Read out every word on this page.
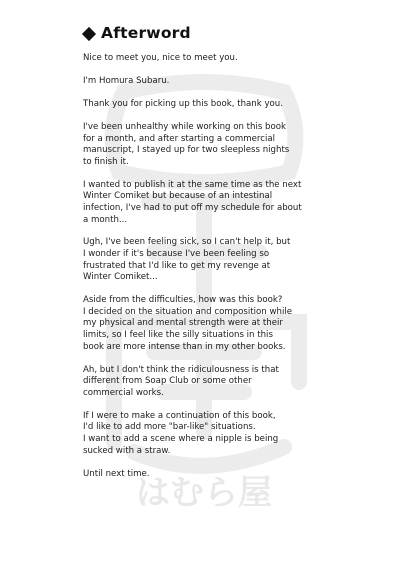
はむら屋
Afterword
Nice to meet you, nice to meet you.
I'm Homura Subaru.
Thank you for picking up this book, thank you.
I've been unhealthy while working on this book
for a month, and after starting a commercial
manuscript, I stayed up for two sleepless nights
to finish it.
I wanted to publish it at the same time as the next
Winter Comiket but because of an intestinal
infection, I've had to put off my schedule for about
a month...
Ugh, I've been feeling sick, so I can't help it, but
I wonder if it's because I've been feeling so
frustrated that I'd like to get my revenge at
Winter Comiket...
Aside from the difficulties, how was this book?
I decided on the situation and composition while
my physical and mental strength were at their
limits, so I feel like the silly situations in this
book are more intense than in my other books.
Ah, but I don't think the ridiculousness is that
different from Soap Club or some other
commercial works.
If I were to make a continuation of this book,
I'd like to add more "bar-like" situations.
I want to add a scene where a nipple is being
sucked with a straw.
Until next time.
